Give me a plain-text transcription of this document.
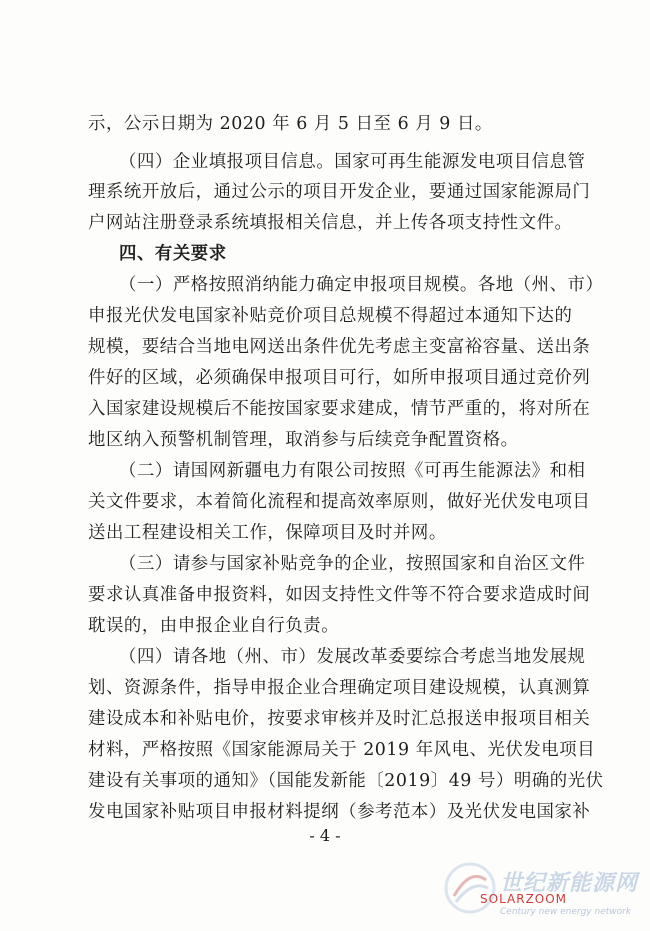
示，公示日期为 2020 年 6 月 5 日至 6 月 9 日。
（四）企业填报项目信息。国家可再生能源发电项目信息管
理系统开放后，通过公示的项目开发企业，要通过国家能源局门
户网站注册登录系统填报相关信息，并上传各项支持性文件。
四、有关要求
（一）严格按照消纳能力确定申报项目规模。各地（州、市）
申报光伏发电国家补贴竞价项目总规模不得超过本通知下达的
规模，要结合当地电网送出条件优先考虑主变富裕容量、送出条
件好的区域，必须确保申报项目可行，如所申报项目通过竞价列
入国家建设规模后不能按国家要求建成，情节严重的，将对所在
地区纳入预警机制管理，取消参与后续竞争配置资格。
（二）请国网新疆电力有限公司按照《可再生能源法》和相
关文件要求，本着简化流程和提高效率原则，做好光伏发电项目
送出工程建设相关工作，保障项目及时并网。
（三）请参与国家补贴竞争的企业，按照国家和自治区文件
要求认真准备申报资料，如因支持性文件等不符合要求造成时间
耽误的，由申报企业自行负责。
（四）请各地（州、市）发展改革委要综合考虑当地发展规
划、资源条件，指导申报企业合理确定项目建设规模，认真测算
建设成本和补贴电价，按要求审核并及时汇总报送申报项目相关
材料，严格按照《国家能源局关于 2019 年风电、光伏发电项目
建设有关事项的通知》（国能发新能〔2019〕49 号）明确的光伏
发电国家补贴项目申报材料提纲（参考范本）及光伏发电国家补
- 4 -
世纪新能源网
SOLARZOOM
Century new energy network
